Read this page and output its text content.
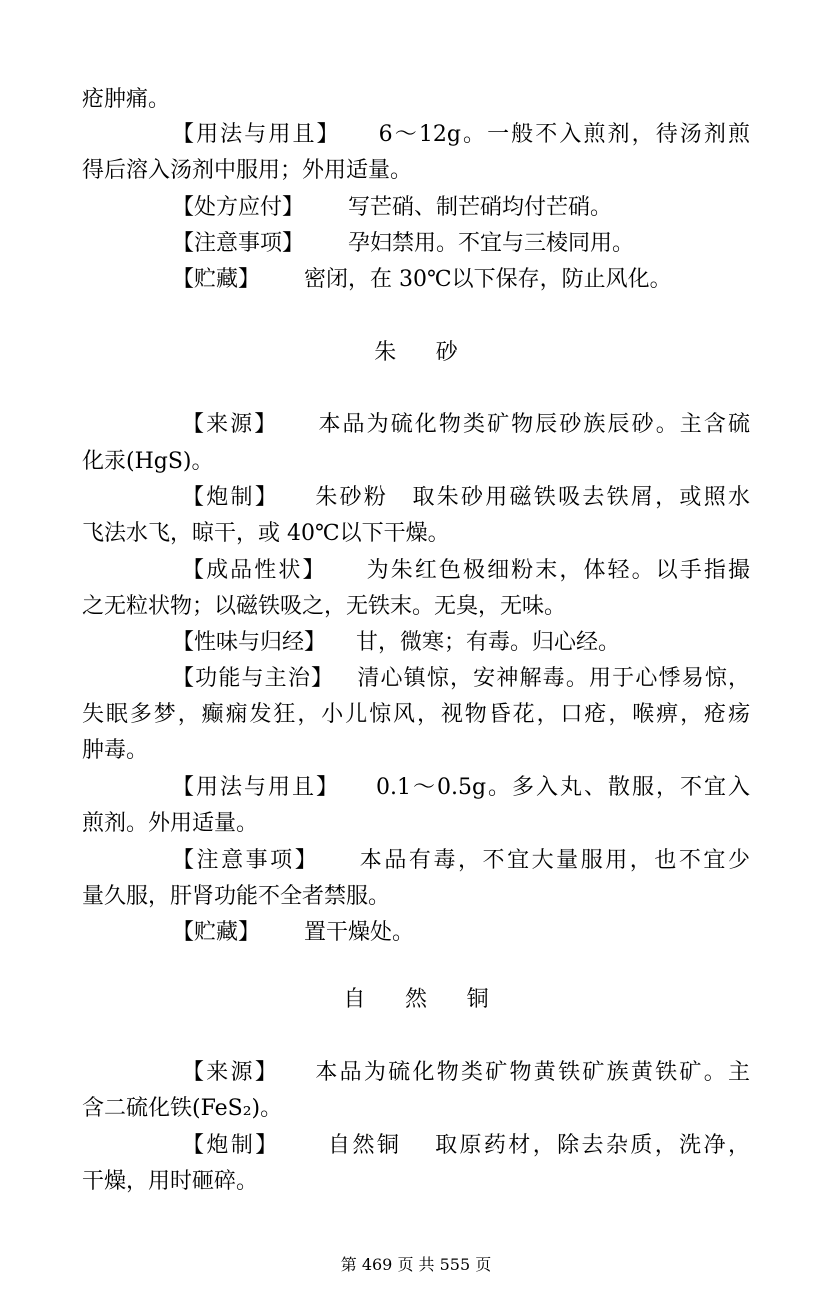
疮肿痛。
【用法与用且】 6～12g。一般不入煎剂，待汤剂煎
得后溶入汤剂中服用；外用适量。
【处方应付】 写芒硝、制芒硝均付芒硝。
【注意事项】 孕妇禁用。不宜与三棱同用。
【贮藏】 密闭，在 30℃以下保存，防止风化。
朱 砂
【来源】 本品为硫化物类矿物辰砂族辰砂。主含硫
化汞(HgS)。
【炮制】 朱砂粉　取朱砂用磁铁吸去铁屑，或照水
飞法水飞，晾干，或 40℃以下干燥。
【成品性状】 为朱红色极细粉末，体轻。以手指撮
之无粒状物；以磁铁吸之，无铁末。无臭，无味。
【性味与归经】 甘，微寒；有毒。归心经。
【功能与主治】 清心镇惊，安神解毒。用于心悸易惊，
失眠多梦，癫痫发狂，小儿惊风，视物昏花，口疮，喉痹，疮疡
肿毒。
【用法与用且】 0.1～0.5g。多入丸、散服，不宜入
煎剂。外用适量。
【注意事项】 本品有毒，不宜大量服用，也不宜少
量久服，肝肾功能不全者禁服。
【贮藏】 置干燥处。
自 然 铜
【来源】 本品为硫化物类矿物黄铁矿族黄铁矿。主
含二硫化铁(FeS₂)。
【炮制】 自然铜　 取原药材，除去杂质，洗净，
干燥，用时砸碎。
第 469 页 共 555 页
